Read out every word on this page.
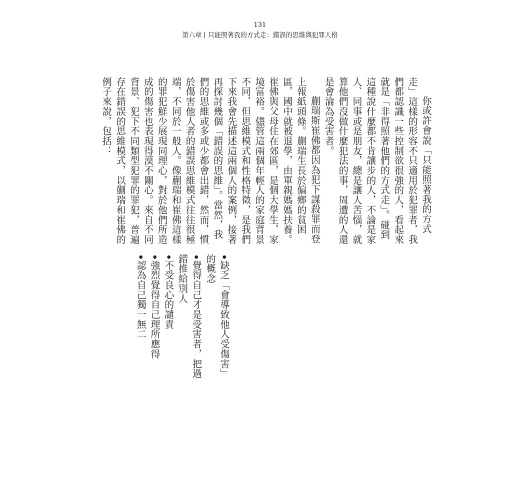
131
第六章 | 只能照著我的方式走：錯誤的思維與犯罪人格

你或許會說「只能照著我的方式走」這樣的形容不只適用於犯罪者，我們都認識一些控制欲很強的人，看起來就是「非得照著他們的方式走」。碰到這種說什麼都不肯讓步的人，不論是家人、同事或是朋友，總是讓人苦惱，就算他們沒做什麼犯法的事，周遭的人還是會淪為受害者。

蒯瑞斯崔佛都因為犯下謀殺罪而登上報紙頭條。蒯瑞生長於偏鄉的貧困區，國中就被退學，由單親媽媽扶養。崔佛與父母住在郊區，是個大學生，家境富裕。儘管這兩個年輕人的家庭背景不同，但思維模式和性格特徵，是我們下來我會先描述這兩個人的案例，接著再探討幾個「錯誤的思維」。當然，我們的思維或多或少都會出錯，然而，慣於傷害他人者的錯誤思維模式往往很極端，不同於一般人。像蒯瑞和崔佛這樣的罪犯鮮少展現同理心，對於他們所造成的傷害也表現得漠不關心。來自不同背景、犯下不同類型犯罪的罪犯，普遍存在錯誤的思維模式，以蒯瑞和崔佛的例子來說，包括：

•缺乏「會導致他人受傷害」的概念
•覺得自己才是受害者，把過錯推給別人
•不受良心的譴責
•強烈覺得自己理所應得
•認為自己獨一無二
